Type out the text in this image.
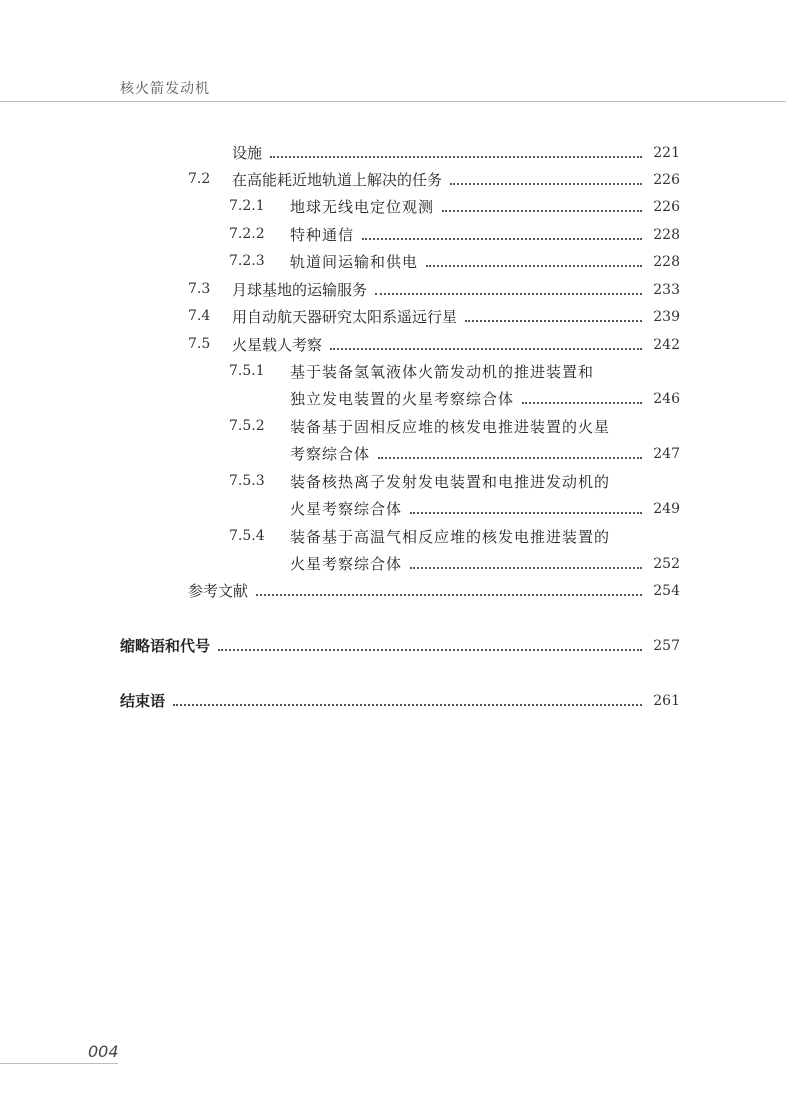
核火箭发动机
设施	221
7.2 在高能耗近地轨道上解决的任务	226
7.2.1 地球无线电定位观测	226
7.2.2 特种通信	228
7.2.3 轨道间运输和供电	228
7.3 月球基地的运输服务	233
7.4 用自动航天器研究太阳系遥远行星	239
7.5 火星载人考察	242
7.5.1 基于装备氢氧液体火箭发动机的推进装置和
独立发电装置的火星考察综合体	246
7.5.2 装备基于固相反应堆的核发电推进装置的火星
考察综合体	247
7.5.3 装备核热离子发射发电装置和电推进发动机的
火星考察综合体	249
7.5.4 装备基于高温气相反应堆的核发电推进装置的
火星考察综合体	252
参考文献	254
缩略语和代号	257
结束语	261
004
